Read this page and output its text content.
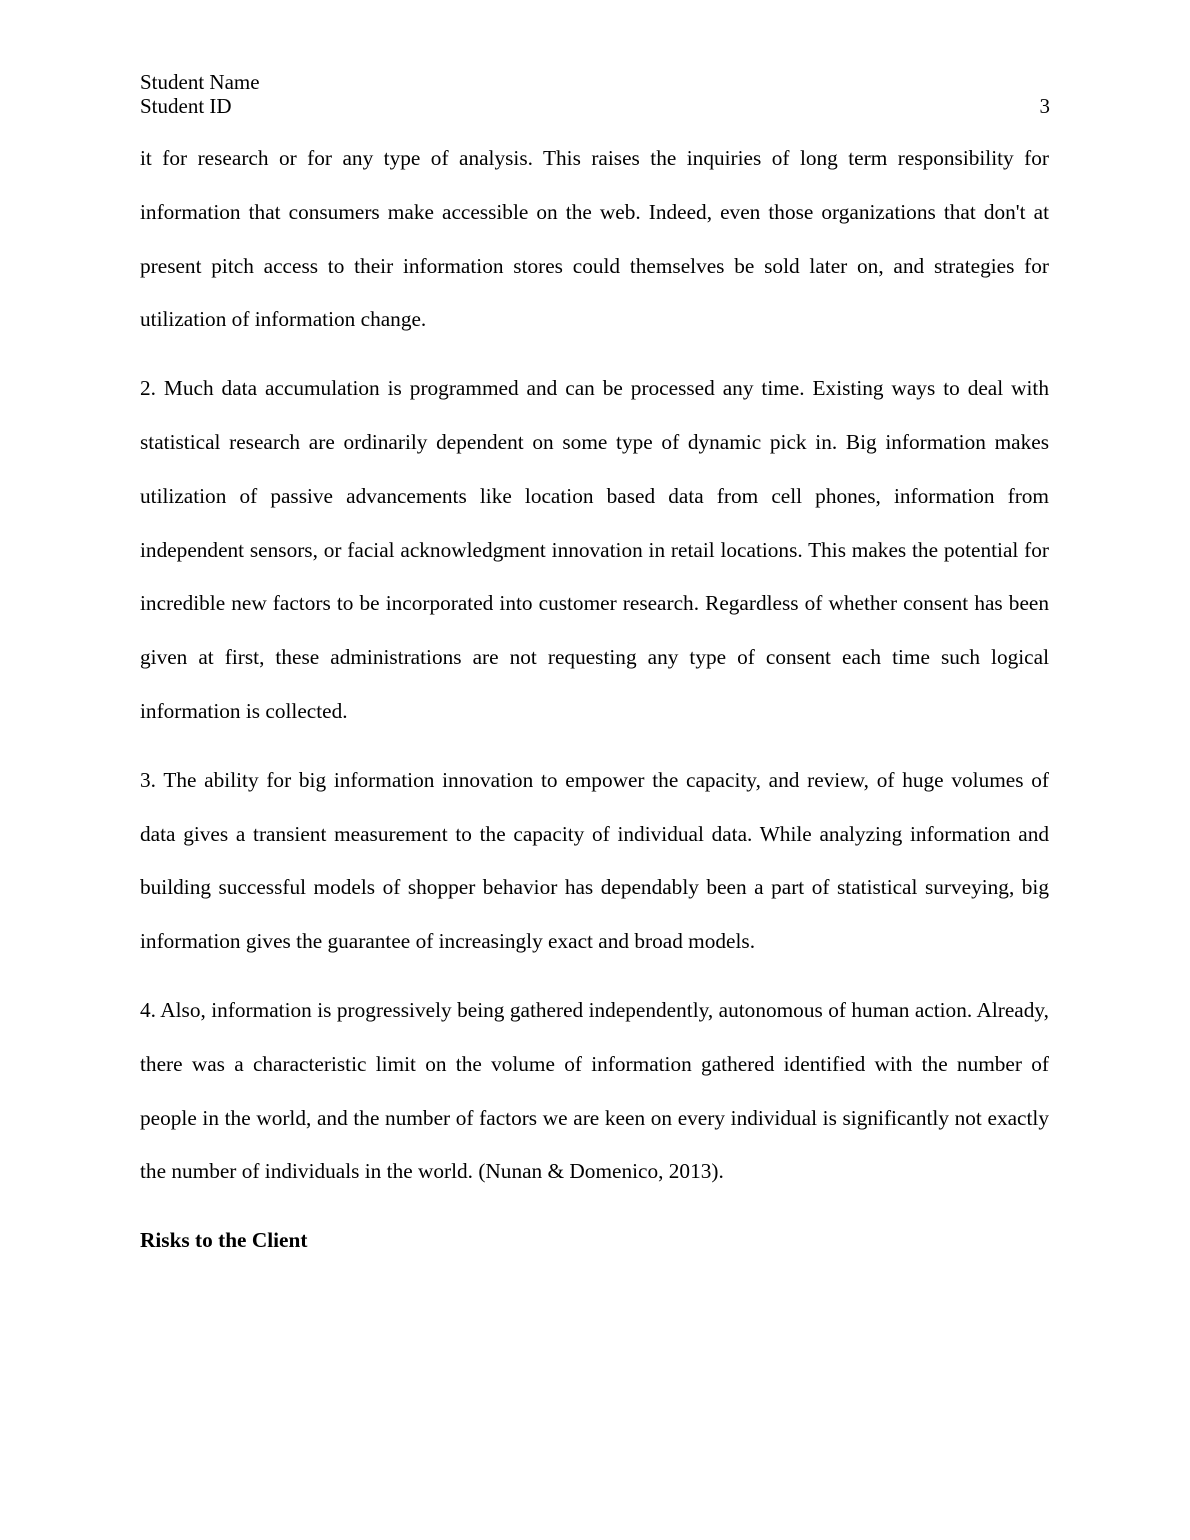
Student Name
Student ID	3

it for research or for any type of analysis. This raises the inquiries of long term responsibility for information that consumers make accessible on the web. Indeed, even those organizations that don't at present pitch access to their information stores could themselves be sold later on, and strategies for utilization of information change.

2. Much data accumulation is programmed and can be processed any time. Existing ways to deal with statistical research are ordinarily dependent on some type of dynamic pick in. Big information makes utilization of passive advancements like location based data from cell phones, information from independent sensors, or facial acknowledgment innovation in retail locations. This makes the potential for incredible new factors to be incorporated into customer research. Regardless of whether consent has been given at first, these administrations are not requesting any type of consent each time such logical information is collected.

3. The ability for big information innovation to empower the capacity, and review, of huge volumes of data gives a transient measurement to the capacity of individual data. While analyzing information and building successful models of shopper behavior has dependably been a part of statistical surveying, big information gives the guarantee of increasingly exact and broad models.

4. Also, information is progressively being gathered independently, autonomous of human action. Already, there was a characteristic limit on the volume of information gathered identified with the number of people in the world, and the number of factors we are keen on every individual is significantly not exactly the number of individuals in the world. (Nunan & Domenico, 2013).

Risks to the Client
